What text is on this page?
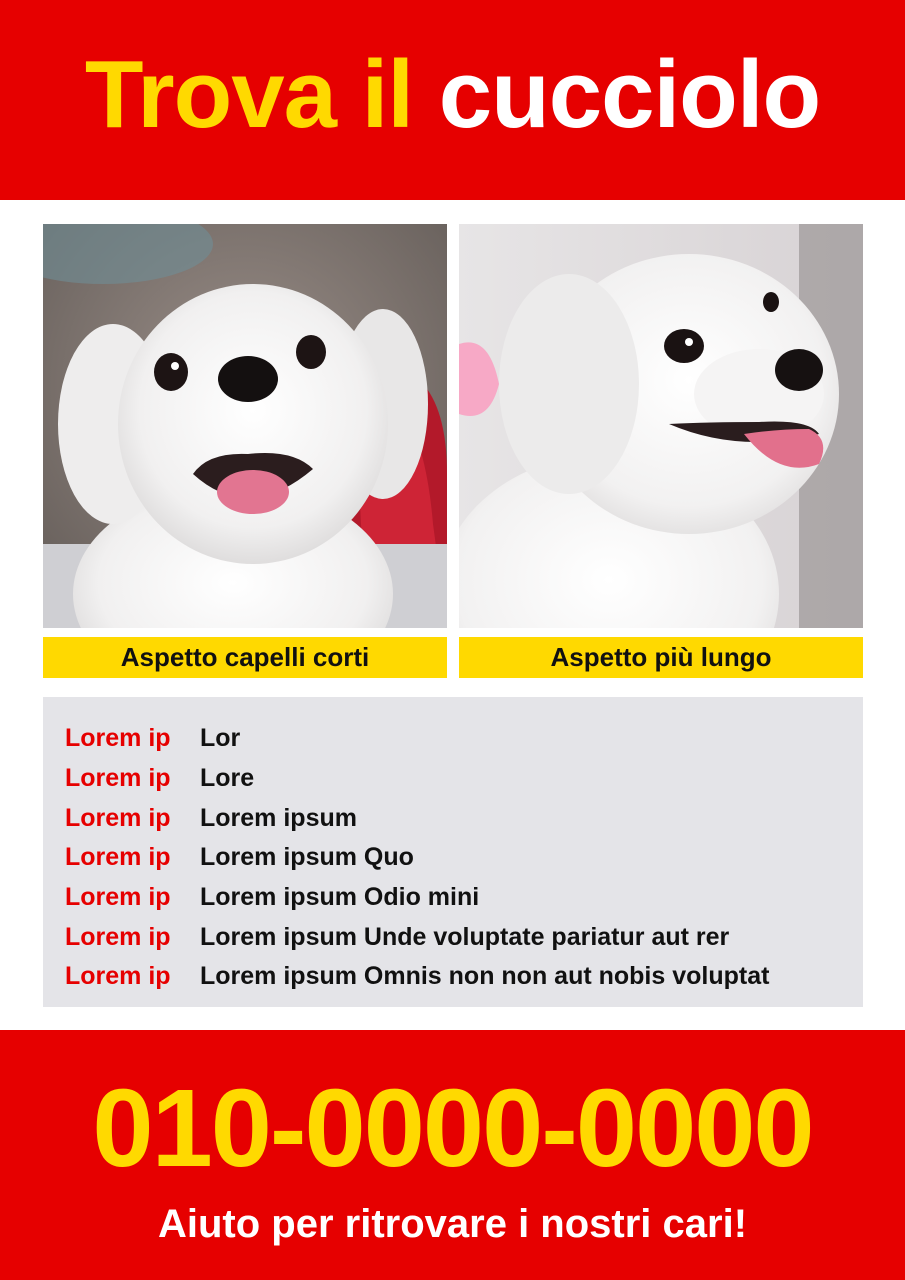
Trova il cucciolo
Aspetto capelli corti	Aspetto più lungo
Lorem ip	Lor
Lorem ip	Lore
Lorem ip	Lorem ipsum
Lorem ip	Lorem ipsum Quo
Lorem ip	Lorem ipsum Odio mini
Lorem ip	Lorem ipsum Unde voluptate pariatur aut rer
Lorem ip	Lorem ipsum Omnis non non aut nobis voluptat
010-0000-0000
Aiuto per ritrovare i nostri cari!
